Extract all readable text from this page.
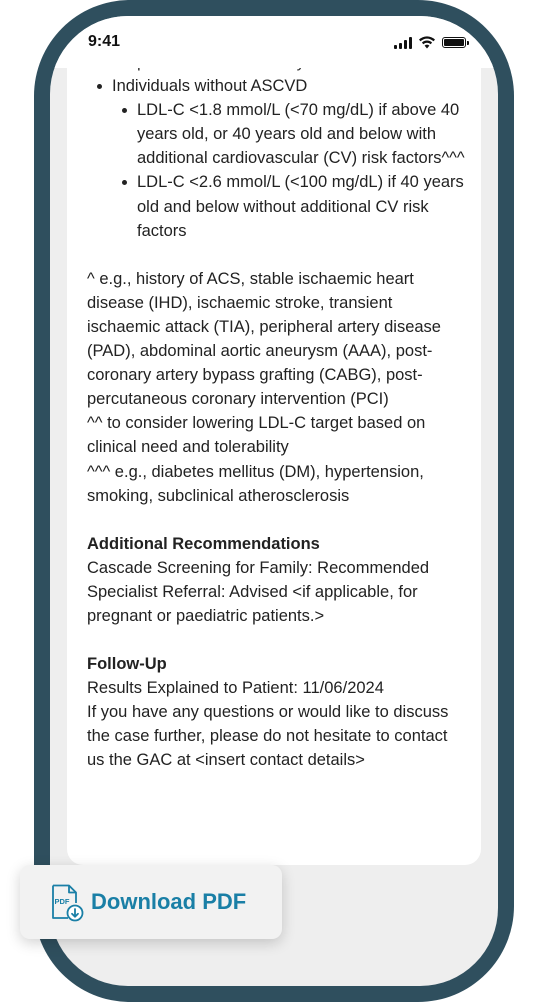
Individuals without ASCVD
LDL-C <1.8 mmol/L (<70 mg/dL) if above 40 years old, or 40 years old and below with additional cardiovascular (CV) risk factors^^^
LDL-C <2.6 mmol/L (<100 mg/dL) if 40 years old and below without additional CV risk factors
^ e.g., history of ACS, stable ischaemic heart disease (IHD), ischaemic stroke, transient ischaemic attack (TIA), peripheral artery disease (PAD), abdominal aortic aneurysm (AAA), post-coronary artery bypass grafting (CABG), post-percutaneous coronary intervention (PCI)
^^ to consider lowering LDL-C target based on clinical need and tolerability
^^^ e.g., diabetes mellitus (DM), hypertension, smoking, subclinical atherosclerosis
Additional Recommendations
Cascade Screening for Family: Recommended
Specialist Referral: Advised <if applicable, for pregnant or paediatric patients.>
Follow-Up
Results Explained to Patient: 11/06/2024
If you have any questions or would like to discuss the case further, please do not hesitate to contact us the GAC at <insert contact details>
9:41
PDF Download PDF
